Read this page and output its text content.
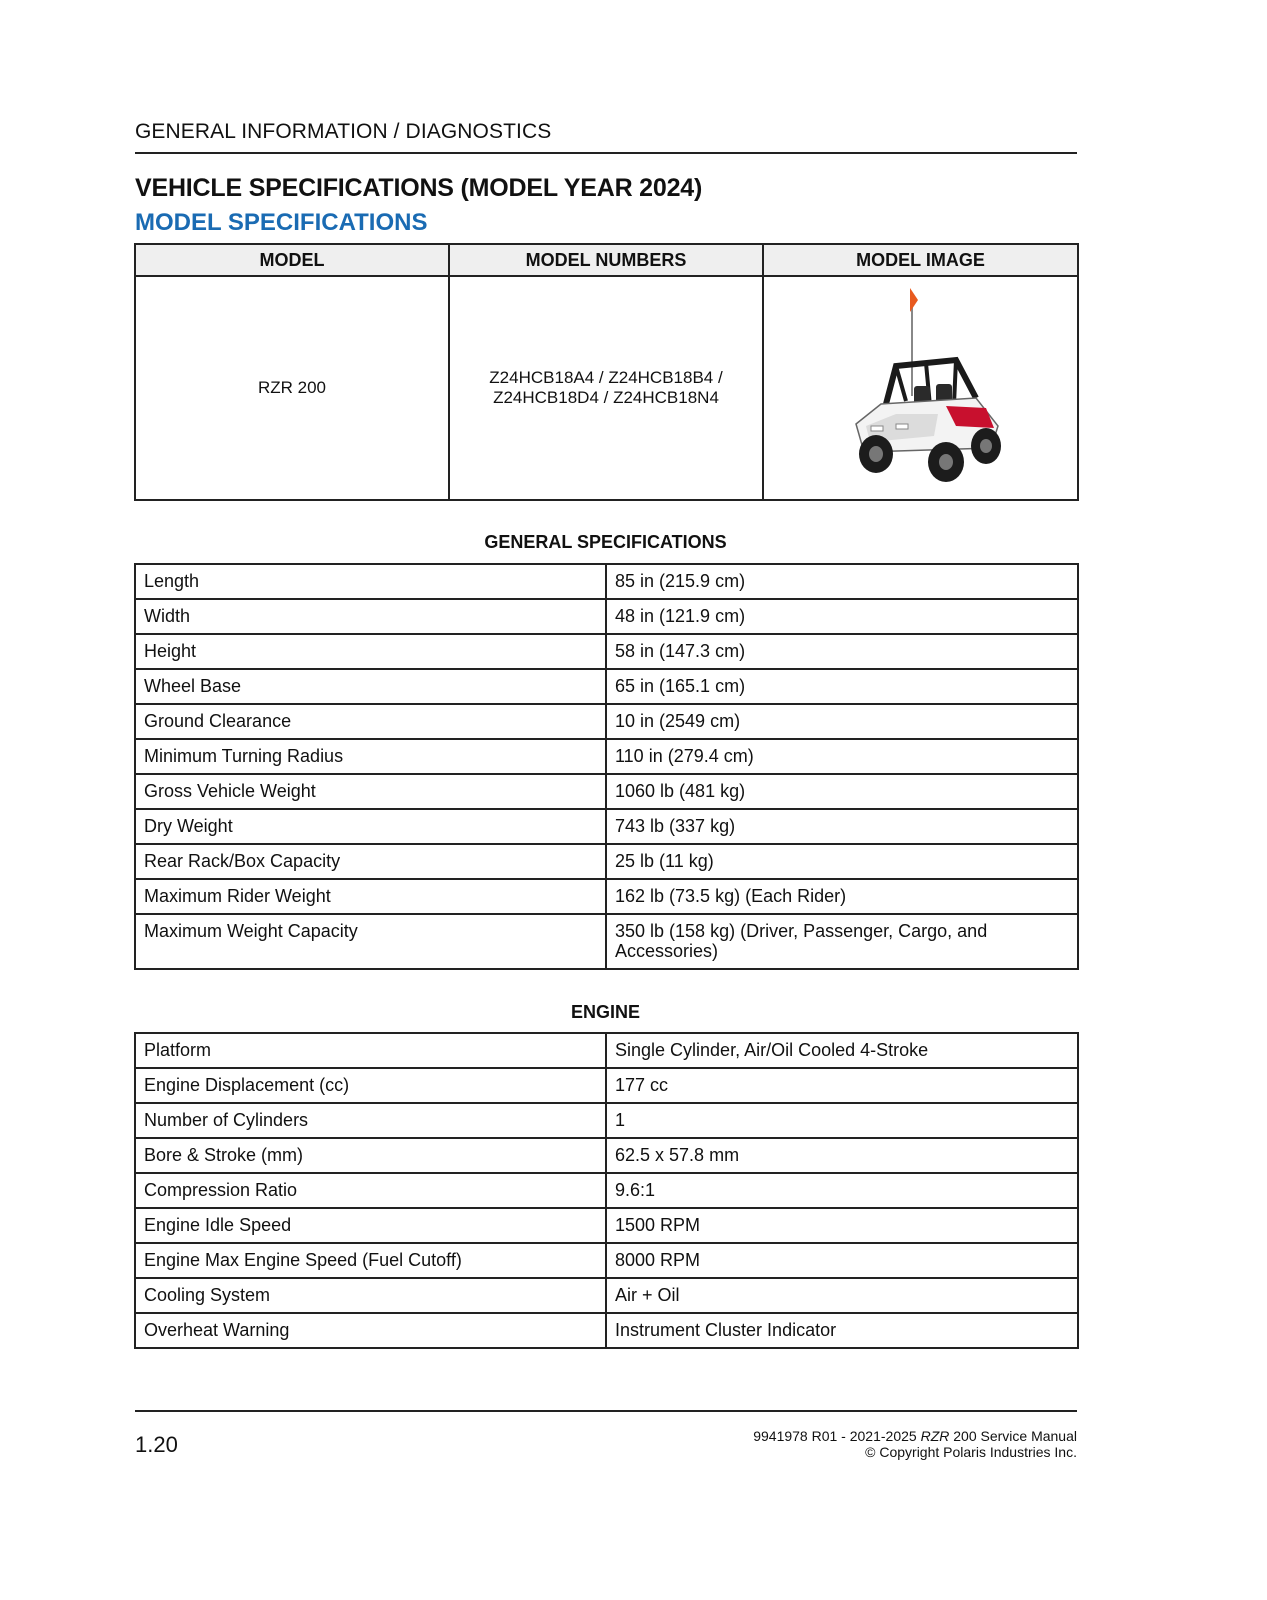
GENERAL INFORMATION / DIAGNOSTICS
VEHICLE SPECIFICATIONS (MODEL YEAR 2024)
MODEL SPECIFICATIONS
MODEL	MODEL NUMBERS	MODEL IMAGE
RZR 200	Z24HCB18A4 / Z24HCB18B4 /
Z24HCB18D4 / Z24HCB18N4

GENERAL SPECIFICATIONS
Length	85 in (215.9 cm)
Width	48 in (121.9 cm)
Height	58 in (147.3 cm)
Wheel Base	65 in (165.1 cm)
Ground Clearance	10 in (2549 cm)
Minimum Turning Radius	110 in (279.4 cm)
Gross Vehicle Weight	1060 lb (481 kg)
Dry Weight	743 lb (337 kg)
Rear Rack/Box Capacity	25 lb (11 kg)
Maximum Rider Weight	162 lb (73.5 kg) (Each Rider)
Maximum Weight Capacity	350 lb (158 kg) (Driver, Passenger, Cargo, and Accessories)
ENGINE
Platform	Single Cylinder, Air/Oil Cooled 4-Stroke
Engine Displacement (cc)	177 cc
Number of Cylinders	1
Bore & Stroke (mm)	62.5 x 57.8 mm
Compression Ratio	9.6:1
Engine Idle Speed	1500 RPM
Engine Max Engine Speed (Fuel Cutoff)	8000 RPM
Cooling System	Air + Oil
Overheat Warning	Instrument Cluster Indicator
1.20	9941978 R01 - 2021-2025 RZR 200 Service Manual
© Copyright Polaris Industries Inc.
